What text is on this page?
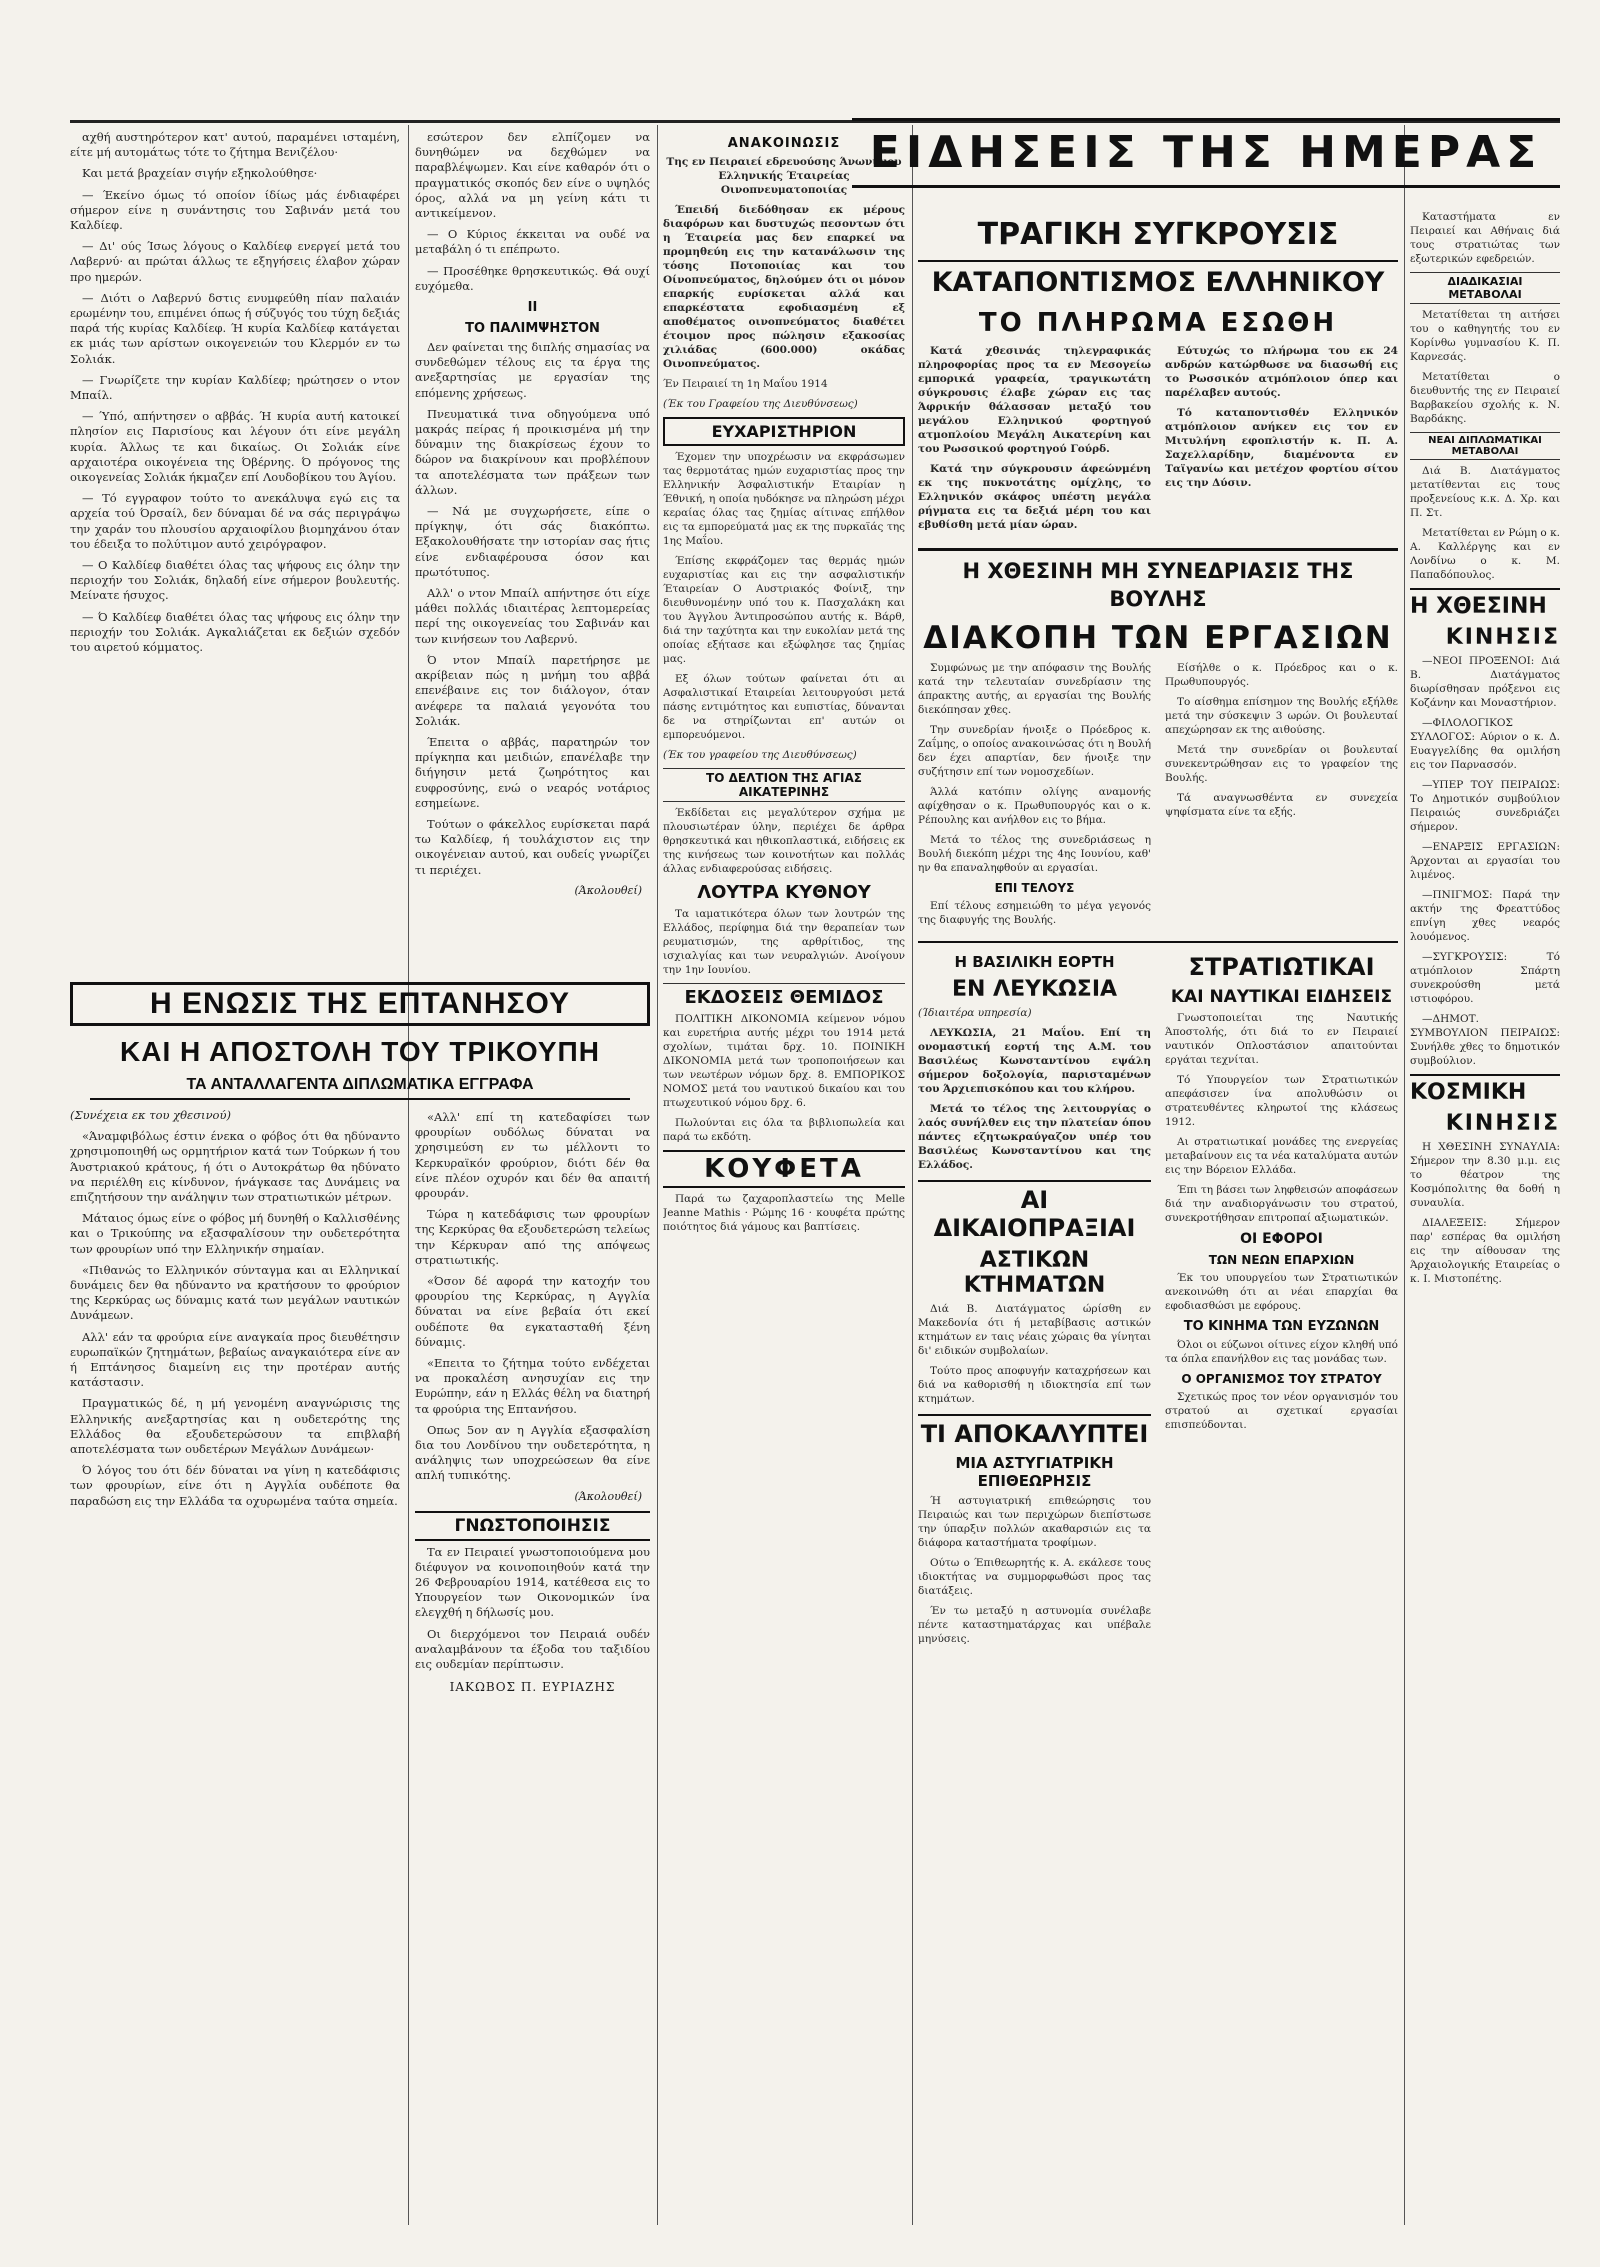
αχθή αυστηρότερον κατ' αυτού, παραμένει ισταμένη, είτε μή αυτομάτως τότε το ζήτημα Βενιζέλου·

Και μετά βραχείαν σιγήν εξηκολούθησε·

— Έκείνο όμως τό οποίον ίδίως μάς ένδιαφέρει σήμερον είνε η συνάντησις του Σαβινάν μετά του Καλδίεφ.

— Δι' ούς Ίσως λόγους ο Καλδίεφ ενεργεί μετά του Λαβερνύ· αι πρώται άλλως τε εξηγήσεις έλαβον χώραν προ ημερών.

— Διότι ο Λαβερνύ δστις ενυμφεύθη πίαν παλαιάν ερωμένην του, επιμένει όπως ή σύζυγός του τύχη δεξιάς παρά τής κυρίας Καλδίεφ. Ή κυρία Καλδίεφ κατάγεται εκ μιάς των αρίστων οικογενειών του Κλερμόν εν τω Σολιάκ.

— Γνωρίζετε την κυρίαν Καλδίεφ; ηρώτησεν ο ντον Μπαίλ.

— Ύπό, απήντησεν ο αββάς. Ή κυρία αυτή κατοικεί πλησίον εις Παρισίους και λέγουν ότι είνε μεγάλη κυρία. Άλλως τε και δικαίως. Οι Σολιάκ είνε αρχαιοτέρα οικογένεια της Όβέρνης. Ό πρόγονος της οικογενείας Σολιάκ ήκμαζεν επί Λουδοβίκου του Άγίου.

— Τό εγγραφον τούτο το ανεκάλυψα εγώ εις τα αρχεία τού Όρσαίλ, δεν δύναμαι δέ να σάς περιγράψω την χαράν του πλουσίου αρχαιοφίλου βιομηχάνου όταν του έδειξα το πολύτιμον αυτό χειρόγραφον.

— Ο Καλδίεφ διαθέτει όλας τας ψήφους εις όλην την περιοχήν του Σολιάκ, δηλαδή είνε σήμερον βουλευτής. Μείνατε ήσυχος.

— Ό Καλδίεφ διαθέτει όλας τας ψήφους εις όλην την περιοχήν του Σολιάκ. Αγκαλιάζεται εκ δεξιών σχεδόν του αιρετού κόμματος.

Η ΕΝΩΣΙΣ ΤΗΣ ΕΠΤΑΝΗΣΟΥ
ΚΑΙ Η ΑΠΟΣΤΟΛΗ ΤΟΥ ΤΡΙΚΟΥΠΗ
ΤΑ ΑΝΤΑΛΛΑΓΕΝΤΑ ΔΙΠΛΩΜΑΤΙΚΑ ΕΓΓΡΑΦΑ

(Συνέχεια εκ του χθεσινού)

«Άναμφιβόλως έστιν ένεκα ο φόβος ότι θα ηδύναντο χρησιμοποιηθή ως ορμητήριον κατά των Τούρκων ή του Άυστριακού κράτους, ή ότι ο Αυτοκράτωρ θα ηδύνατο να περιέλθη εις κίνδυνον, ήνάγκασε τας Δυνάμεις να επιζητήσουν την ανάληψιν των στρατιωτικών μέτρων.

Μάταιος όμως είνε ο φόβος μή δυνηθή ο Καλλισθένης και ο Τρικούπης να εξασφαλίσουν την ουδετερότητα των φρουρίων υπό την Ελληνικήν σημαίαν.

«Πιθανώς το Ελληνικόν σύνταγμα και αι Ελληνικαί δυνάμεις δεν θα ηδύναντο να κρατήσουν το φρούριον της Κερκύρας ως δύναμις κατά των μεγάλων ναυτικών Δυνάμεων.

Αλλ' εάν τα φρούρια είνε αναγκαία προς διευθέτησιν ευρωπαϊκών ζητημάτων, βεβαίως αναγκαιότερα είνε αν ή Επτάνησος διαμείνη εις την προτέραν αυτής κατάστασιν.

Πραγματικώς δέ, η μή γενομένη αναγνώρισις της Ελληνικής ανεξαρτησίας και η ουδετερότης της Ελλάδος θα εξουδετερώσουν τα επιβλαβή αποτελέσματα των ουδετέρων Μεγάλων Δυνάμεων·

Ό λόγος του ότι δέν δύναται να γίνη η κατεδάφισις των φρουρίων, είνε ότι η Αγγλία ουδέποτε θα παραδώση εις την Ελλάδα τα οχυρωμένα ταύτα σημεία.

εσώτερον δεν ελπίζομεν να δυνηθώμεν να δεχθώμεν να παραβλέψωμεν. Και είνε καθαρόν ότι ο πραγματικός σκοπός δεν είνε ο υψηλός όρος, αλλά να μη γείνη κάτι τι αντικείμενον.

— Ο Κύριος έκκειται να ουδέ να μεταβάλη ό τι επέπρωτο.

— Προσέθηκε θρησκευτικώς. Θά ουχί ευχόμεθα.

ΙΙ
ΤΟ ΠΑΛΙΜΨΗΣΤΟΝ

Δεν φαίνεται της διπλής σημασίας να συνδεθώμεν τέλους εις τα έργα της ανεξαρτησίας με εργασίαν της επόμενης χρήσεως.

Πνευματικά τινα οδηγούμενα υπό μακράς πείρας ή προικισμένα μή την δύναμιν της διακρίσεως έχουν το δώρον να διακρίνουν και προβλέπουν τα αποτελέσματα των πράξεων των άλλων.

— Νά με συγχωρήσετε, είπε ο πρίγκηψ, ότι σάς διακόπτω. Εξακολουθήσατε την ιστορίαν σας ήτις είνε ενδιαφέρουσα όσον και πρωτότυπος.

Αλλ' ο ντον Μπαίλ απήντησε ότι είχε μάθει πολλάς ιδιαιτέρας λεπτομερείας περί της οικογενείας του Σαβινάν και των κινήσεων του Λαβερνύ.

Ό ντον Μπαίλ παρετήρησε με ακρίβειαν πώς η μνήμη του αββά επενέβαινε εις τον διάλογον, όταν ανέφερε τα παλαιά γεγονότα του Σολιάκ.

Έπειτα ο αββάς, παρατηρών τον πρίγκηπα και μειδιών, επανέλαβε την διήγησιν μετά ζωηρότητος και ευφροσύνης, ενώ ο νεαρός νοτάριος εσημείωνε.

Τούτων ο φάκελλος ευρίσκεται παρά τω Καλδίεφ, ή τουλάχιστον εις την οικογένειαν αυτού, και ουδείς γνωρίζει τι περιέχει.

(Άκολουθεί)

«Αλλ' επί τη κατεδαφίσει των φρουρίων ουδόλως δύναται να χρησιμεύση εν τω μέλλοντι το Κερκυραϊκόν φρούριον, διότι δέν θα είνε πλέον οχυρόν και δέν θα απαιτή φρουράν.

Τώρα η κατεδάφισις των φρουρίων της Κερκύρας θα εξουδετερώση τελείως την Κέρκυραν από της απόψεως στρατιωτικής.

«Όσον δέ αφορά την κατοχήν του φρουρίου της Κερκύρας, η Αγγλία δύναται να είνε βεβαία ότι εκεί ουδέποτε θα εγκατασταθή ξένη δύναμις.

«Επειτα το ζήτημα τούτο ενδέχεται να προκαλέση ανησυχίαν εις την Ευρώπην, εάν η Ελλάς θέλη να διατηρή τα φρούρια της Επτανήσου.

Οπως 5ον αν η Αγγλία εξασφαλίση δια του Λονδίνου την ουδετερότητα, η ανάληψις των υποχρεώσεων θα είνε απλή τυπικότης.

(Άκολουθεί)
ΓΝΩΣΤΟΠΟΙΗΣΙΣ

Τα εν Πειραιεί γνωστοποιούμενα μου διέφυγον να κοινοποιηθούν κατά την 26 Φεβρουαρίου 1914, κατέθεσα εις το Υπουργείον των Οικονομικών ίνα ελεγχθή η δήλωσίς μου.

Οι διερχόμενοι τον Πειραιά ουδέν αναλαμβάνουν τα έξοδα του ταξιδίου εις ουδεμίαν περίπτωσιν.

ΙΑΚΩΒΟΣ Π. ΕΥΡΙΑΖΗΣ
ΑΝΑΚΟΙΝΩΣΙΣ

Της εν Πειραιεί εδρευούσης Άνωνύμου Ελληνικής Έταιρείας Οινοπνευματοποιίας

Έπειδή διεδόθησαν εκ μέρους διαφόρων και δυστυχώς πεσοντων ότι η Έταιρεία μας δεν επαρκεί να προμηθεύη εις την κατανάλωσιν της τόσης Ποτοποιίας και του Οίνοπνεύματος, δηλούμεν ότι οι μόνον επαρκής ευρίσκεται αλλά και επαρκέστατα εφοδιασμένη εξ αποθέματος οινοπνεύματος διαθέτει έτοιμον προς πώλησιν εξακοσίας χιλιάδας (600.000) οκάδας Οινοπνεύματος.

Έν Πειραιεί τη 1η Μαΐου 1914

(Έκ του Γραφείου της Διευθύνσεως)

ΕΥΧΑΡΙΣΤΗΡΙΟΝ

Έχομεν την υποχρέωσιν να εκφράσωμεν τας θερμοτάτας ημών ευχαριστίας προς την Ελληνικήν Άσφαλιστικήν Εταιρίαν η Έθνική, η οποία ηυδόκησε να πληρώση μέχρι κεραίας όλας τας ζημίας αίτινας επήλθον εις τα εμπορεύματά μας εκ της πυρκαϊάς της 1ης Μαΐου.

Έπίσης εκφράζομεν τας θερμάς ημών ευχαριστίας και εις την ασφαλιστικήν Έταιρείαν Ο Αυστριακός Φοίνιξ, την διευθυνομένην υπό του κ. Πασχαλάκη και του Άγγλου Άντιπροσώπου αυτής κ. Βάρθ, διά την ταχύτητα και την ευκολίαν μετά της οποίας εξήτασε και εξώφλησε τας ζημίας μας.

Εξ όλων τούτων φαίνεται ότι αι Ασφαλιστικαί Εταιρείαι λειτουργούσι μετά πάσης εντιμότητος και ευπιστίας, δύνανται δε να στηρίζωνται επ' αυτών οι εμπορευόμενοι.

(Έκ του γραφείου της Διευθύνσεως)

ΤΟ ΔΕΛΤΙΟΝ ΤΗΣ ΑΓΙΑΣ ΑΙΚΑΤΕΡΙΝΗΣ

Έκδίδεται εις μεγαλύτερον σχήμα με πλουσιωτέραν ύλην, περιέχει δε άρθρα θρησκευτικά και ηθικοπλαστικά, ειδήσεις εκ της κινήσεως των κοινοτήτων και πολλάς άλλας ενδιαφερούσας ειδήσεις.

ΛΟΥΤΡΑ ΚΥΘΝΟΥ

Τα ιαματικότερα όλων των λουτρών της Ελλάδος, περίφημα διά την θεραπείαν των ρευματισμών, της αρθρίτιδος, της ισχιαλγίας και των νευραλγιών. Ανοίγουν την 1ην Ιουνίου.

ΕΚΔΟΣΕΙΣ ΘΕΜΙΔΟΣ

ΠΟΛΙΤΙΚΗ ΔΙΚΟΝΟΜΙΑ κείμενον νόμου και ευρετήρια αυτής μέχρι του 1914 μετά σχολίων, τιμάται δρχ. 10. ΠΟΙΝΙΚΗ ΔΙΚΟΝΟΜΙΑ μετά των τροποποιήσεων και των νεωτέρων νόμων δρχ. 8. ΕΜΠΟΡΙΚΟΣ ΝΟΜΟΣ μετά του ναυτικού δικαίου και του πτωχευτικού νόμου δρχ. 6.

Πωλούνται εις όλα τα βιβλιοπωλεία και παρά τω εκδότη.

ΚΟΥΦΕΤΑ

Παρά τω ζαχαροπλαστείω της Melle Jeanne Mathis · Ρώμης 16 · κουφέτα πρώτης ποιότητος διά γάμους και βαπτίσεις.

ΕΙΔΗΣΕΙΣ ΤΗΣ ΗΜΕΡΑΣ
ΤΡΑΓΙΚΗ ΣΥΓΚΡΟΥΣΙΣ
ΚΑΤΑΠΟΝΤΙΣΜΟΣ ΕΛΛΗΝΙΚΟΥ
ΤΟ ΠΛΗΡΩΜΑ ΕΣΩΘΗ

Κατά χθεσινάς τηλεγραφικάς πληροφορίας προς τα εν Μεσογείω εμπορικά γραφεία, τραγικωτάτη σύγκρουσις έλαβε χώραν εις τας Άφρικήν θάλασσαν μεταξύ του μεγάλου Ελληνικού φορτηγού ατμοπλοίου Μεγάλη Αικατερίνη και του Ρωσσικού φορτηγού Γούρδ.

Κατά την σύγκρουσιν άφεώνμένη εκ της πυκνοτάτης ομίχλης, το Ελληνικόν σκάφος υπέστη μεγάλα ρήγματα εις τα δεξιά μέρη του και εβυθίσθη μετά μίαν ώραν.

Εύτυχώς το πλήρωμα του εκ 24 ανδρών κατώρθωσε να διασωθή εις το Ρωσσικόν ατμόπλοιον όπερ και παρέλαβεν αυτούς.

Τό καταποντισθέν Ελληνικόν ατμόπλοιον ανήκεν εις τον εν Μιτυλήνη εφοπλιστήν κ. Π. Α. Σαχελλαρίδην, διαμένοντα εν Ταϊγανίω και μετέχον φορτίου σίτου εις την Δύσιν.

Η ΧΘΕΣΙΝΗ ΜΗ ΣΥΝΕΔΡΙΑΣΙΣ ΤΗΣ ΒΟΥΛΗΣ
ΔΙΑΚΟΠΗ ΤΩΝ ΕΡΓΑΣΙΩΝ

Συμφώνως με την απόφασιν της Βουλής κατά την τελευταίαν συνεδρίασιν της άπρακτης αυτής, αι εργασίαι της Βουλής διεκόπησαν χθες.

Την συνεδρίαν ήνοιξε ο Πρόεδρος κ. Ζαΐμης, ο οποίος ανακοινώσας ότι η Βουλή δεν έχει απαρτίαν, δεν ήνοιξε την συζήτησιν επί των νομοσχεδίων.

Άλλά κατόπιν ολίγης αναμονής αφίχθησαν ο κ. Πρωθυπουργός και ο κ. Ρέπουλης και ανήλθον εις το βήμα.

Μετά το τέλος της συνεδριάσεως η Βουλή διεκόπη μέχρι της 4ης Ιουνίου, καθ' ην θα επαναληφθούν αι εργασίαι.

ΕΠΙ ΤΕΛΟΥΣ

Επί τέλους εσημειώθη το μέγα γεγονός της διαφυγής της Βουλής.

Είσήλθε ο κ. Πρόεδρος και ο κ. Πρωθυπουργός.

Το αίσθημα επίσημον της Βουλής εξήλθε μετά την σύσκεψιν 3 ωρών. Οι βουλευταί απεχώρησαν εκ της αιθούσης.

Μετά την συνεδρίαν οι βουλευταί συνεκεντρώθησαν εις το γραφείον της Βουλής.

Τά αναγνωσθέντα εν συνεχεία ψηφίσματα είνε τα εξής.

Η ΒΑΣΙΛΙΚΗ ΕΟΡΤΗ
ΕΝ ΛΕΥΚΩΣΙΑ

(Ίδιαιτέρα υπηρεσία)

ΛΕΥΚΩΣΙΑ, 21 Μαΐου. Επί τη ονομαστική εορτή της Α.Μ. του Βασιλέως Κωνσταντίνου εψάλη σήμερον δοξολογία, παρισταμένων του Άρχιεπισκόπου και του κλήρου.

Μετά το τέλος της λειτουργίας ο λαός συνήλθεν εις την πλατείαν όπου πάντες εζητωκραύγαζον υπέρ του Βασιλέως Κωνσταντίνου και της Ελλάδος.

ΑΙ ΔΙΚΑΙΟΠΡΑΞΙΑΙ
ΑΣΤΙΚΩΝ ΚΤΗΜΑΤΩΝ

Διά Β. Διατάγματος ώρίσθη εν Μακεδονία ότι ή μεταβίβασις αστικών κτημάτων εν ταις νέαις χώραις θα γίνηται δι' ειδικών συμβολαίων.

Τούτο προς αποφυγήν καταχρήσεων και διά να καθορισθή η ιδιοκτησία επί των κτημάτων.

ΤΙ ΑΠΟΚΑΛΥΠΤΕΙ
ΜΙΑ ΑΣΤΥΓΙΑΤΡΙΚΗ ΕΠΙΘΕΩΡΗΣΙΣ

Ή αστυγιατρική επιθεώρησις του Πειραιώς και των περιχώρων διεπίστωσε την ύπαρξιν πολλών ακαθαρσιών εις τα διάφορα καταστήματα τροφίμων.

Ούτω ο Έπιθεωρητής κ. Α. εκάλεσε τους ιδιοκτήτας να συμμορφωθώσι προς τας διατάξεις.

Έν τω μεταξύ η αστυνομία συνέλαβε πέντε καταστηματάρχας και υπέβαλε μηνύσεις.

ΣΤΡΑΤΙΩΤΙΚΑΙ
ΚΑΙ ΝΑΥΤΙΚΑΙ ΕΙΔΗΣΕΙΣ

Γνωστοποιείται της Ναυτικής Άποστολής, ότι διά το εν Πειραιεί ναυτικόν Οπλοστάσιον απαιτούνται εργάται τεχνίται.

Τό Υπουργείον των Στρατιωτικών απεφάσισεν ίνα απολυθώσιν οι στρατευθέντες κληρωτοί της κλάσεως 1912.

Αι στρατιωτικαί μονάδες της ενεργείας μεταβαίνουν εις τα νέα καταλύματα αυτών εις την Βόρειον Ελλάδα.

Έπι τη βάσει των ληφθεισών αποφάσεων διά την αναδιοργάνωσιν του στρατού, συνεκροτήθησαν επιτροπαί αξιωματικών.

ΟΙ ΕΦΟΡΟΙ
ΤΩΝ ΝΕΩΝ ΕΠΑΡΧΙΩΝ

Έκ του υπουργείου των Στρατιωτικών ανεκοινώθη ότι αι νέαι επαρχίαι θα εφοδιασθώσι με εφόρους.

ΤΟ ΚΙΝΗΜΑ ΤΩΝ ΕΥΖΩΝΩΝ

Όλοι οι εύζωνοι οίτινες είχον κληθή υπό τα όπλα επανήλθον εις τας μονάδας των.

Ο ΟΡΓΑΝΙΣΜΟΣ ΤΟΥ ΣΤΡΑΤΟΥ

Σχετικώς προς τον νέον οργανισμόν του στρατού αι σχετικαί εργασίαι επισπεύδονται.

Καταστήματα εν Πειραιεί και Αθήναις διά τους στρατιώτας των εξωτερικών εφεδρειών.

ΔΙΑΔΙΚΑΣΙΑΙ ΜΕΤΑΒΟΛΑΙ

Μετατίθεται τη αιτήσει του ο καθηγητής του εν Κορίνθω γυμνασίου Κ. Π. Καρνεσάς.

Μετατίθεται ο διευθυντής της εν Πειραιεί Βαρβακείου σχολής κ. Ν. Βαρδάκης.

ΝΕΑΙ ΔΙΠΛΩΜΑΤΙΚΑΙ ΜΕΤΑΒΟΛΑΙ

Διά Β. Διατάγματος μετατίθενται εις τους προξενείους κ.κ. Δ. Χρ. και Π. Στ.

Μετατίθεται εν Ρώμη ο κ. Α. Καλλέργης και εν Λονδίνω ο κ. Μ. Παπαδόπουλος.

Η ΧΘΕΣΙΝΗ
ΚΙΝΗΣΙΣ

—ΝΕΟΙ ΠΡΟΞΕΝΟΙ: Διά Β. Διατάγματος διωρίσθησαν πρόξενοι εις Κοζάνην και Μοναστήριον.

—ΦΙΛΟΛΟΓΙΚΟΣ ΣΥΛΛΟΓΟΣ: Αύριον ο κ. Δ. Ευαγγελίδης θα ομιλήση εις τον Παρνασσόν.

—ΥΠΕΡ ΤΟΥ ΠΕΙΡΑΙΩΣ: Το Δημοτικόν συμβούλιον Πειραιώς συνεδριάζει σήμερον.

—ΕΝΑΡΞΙΣ ΕΡΓΑΣΙΩΝ: Άρχονται αι εργασίαι του λιμένος.

—ΠΝΙΓΜΟΣ: Παρά την ακτήν της Φρεαττύδος επνίγη χθες νεαρός λουόμενος.

—ΣΥΓΚΡΟΥΣΙΣ: Τό ατμόπλοιον Σπάρτη συνεκρούσθη μετά ιστιοφόρου.

—ΔΗΜΟΤ. ΣΥΜΒΟΥΛΙΟΝ ΠΕΙΡΑΙΩΣ: Συνήλθε χθες το δημοτικόν συμβούλιον.

ΚΟΣΜΙΚΗ
ΚΙΝΗΣΙΣ

Η ΧΘΕΣΙΝΗ ΣΥΝΑΥΛΙΑ: Σήμερον την 8.30 μ.μ. εις το θέατρον της Κοσμόπολιτης θα δοθή η συναυλία.

ΔΙΑΛΕΞΕΙΣ: Σήμερον παρ' εσπέρας θα ομιλήση εις την αίθουσαν της Άρχαιολογικής Εταιρείας ο κ. Ι. Μιστοπέτης.
